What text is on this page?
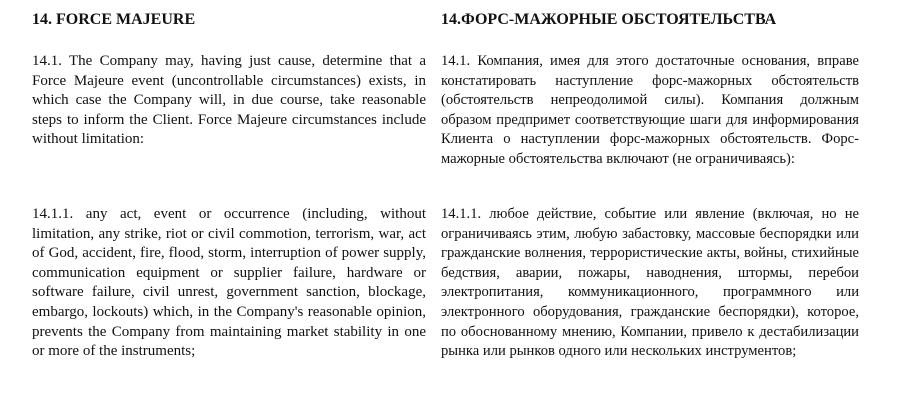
14. FORCE MAJEURE

14.1. The Company may, having just cause, determine that a Force Majeure event (uncontrollable circumstances) exists, in which case the Company will, in due course, take reasonable steps to inform the Client. Force Majeure circumstances include without limitation:

14.1.1. any act, event or occurrence (including, without limitation, any strike, riot or civil commotion, terrorism, war, act of God, accident, fire, flood, storm, interruption of power supply, communication equipment or supplier failure, hardware or software failure, civil unrest, government sanction, blockage, embargo, lockouts) which, in the Company's reasonable opinion, prevents the Company from maintaining market stability in one or more of the instruments;

14.ФОРС-МАЖОРНЫЕ ОБСТОЯТЕЛЬСТВА

14.1. Компания, имея для этого достаточные основания, вправе констатировать наступление форс-мажорных обстоятельств (обстоятельств непреодолимой силы). Компания должным образом предпримет соответствующие шаги для информирования Клиента о наступлении форс-мажорных обстоятельств. Форс-мажорные обстоятельства включают (не ограничиваясь):

14.1.1. любое действие, событие или явление (включая, но не ограничиваясь этим, любую забастовку, массовые беспорядки или гражданские волнения, террористические акты, войны, стихийные бедствия, аварии, пожары, наводнения, штормы, перебои электропитания, коммуникационного, программного или электронного оборудования, гражданские беспорядки), которое, по обоснованному мнению, Компании, привело к дестабилизации рынка или рынков одного или нескольких инструментов;
